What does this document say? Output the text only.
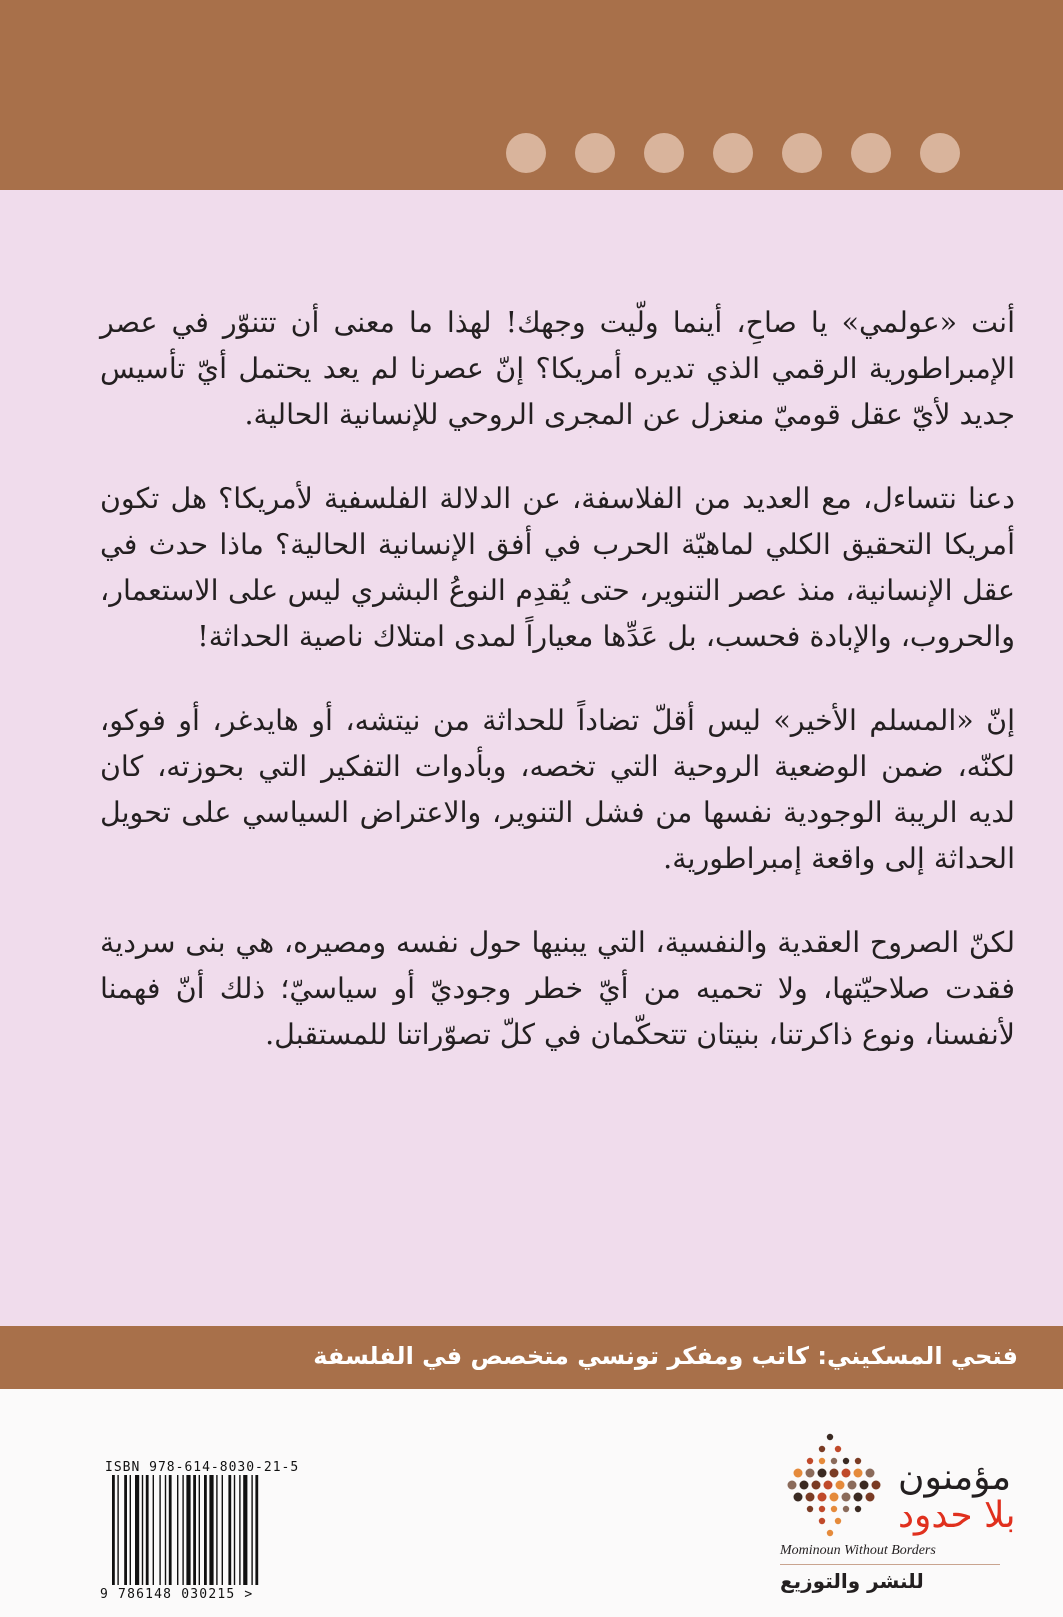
أنت «عولمي» يا صاحِ، أينما ولّيت وجهك! لهذا ما معنى أن تتنوّر في عصر الإمبراطورية الرقمي الذي تديره أمريكا؟ إنّ عصرنا لم يعد يحتمل أيّ تأسيس جديد لأيّ عقل قوميّ منعزل عن المجرى الروحي للإنسانية الحالية.

دعنا نتساءل، مع العديد من الفلاسفة، عن الدلالة الفلسفية لأمريكا؟ هل تكون أمريكا التحقيق الكلي لماهيّة الحرب في أفق الإنسانية الحالية؟ ماذا حدث في عقل الإنسانية، منذ عصر التنوير، حتى يُقدِم النوعُ البشري ليس على الاستعمار، والحروب، والإبادة فحسب، بل عَدِّها معياراً لمدى امتلاك ناصية الحداثة!

إنّ «المسلم الأخير» ليس أقلّ تضاداً للحداثة من نيتشه، أو هايدغر، أو فوكو، لكنّه، ضمن الوضعية الروحية التي تخصه، وبأدوات التفكير التي بحوزته، كان لديه الريبة الوجودية نفسها من فشل التنوير، والاعتراض السياسي على تحويل الحداثة إلى واقعة إمبراطورية.

لكنّ الصروح العقدية والنفسية، التي يبنيها حول نفسه ومصيره، هي بنى سردية فقدت صلاحيّتها، ولا تحميه من أيّ خطر وجوديّ أو سياسيّ؛ ذلك أنّ فهمنا لأنفسنا، ونوع ذاكرتنا، بنيتان تتحكّمان في كلّ تصوّراتنا للمستقبل.

فتحي المسكيني: كاتب ومفكر تونسي متخصص في الفلسفة
ISBN 978-614-8030-21-5
9 786148 030215 >
مؤمنون
بلا حدود
Mominoun Without Borders
للنشر والتوزيع
